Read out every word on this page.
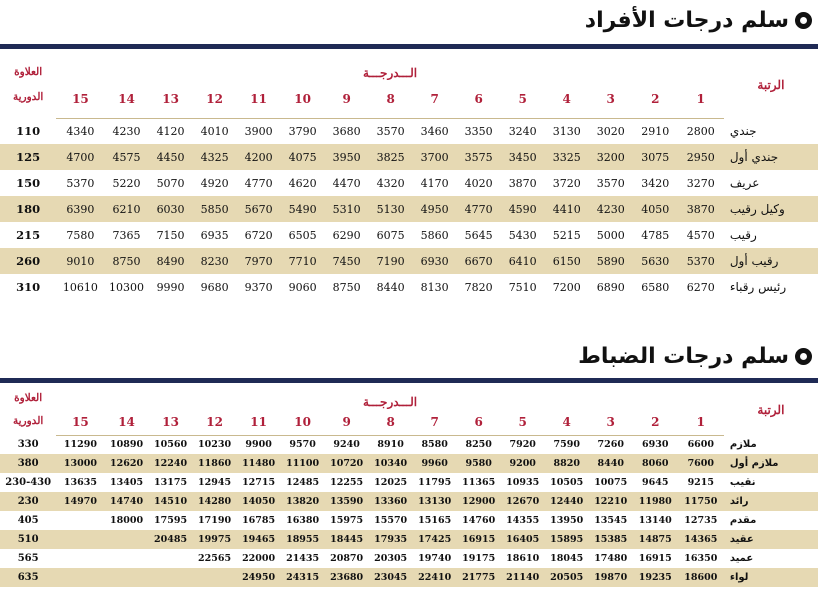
سلم درجات الأفراد
الرتبة	الـــدرجـــة															العلاوة
الدورية

	1	2	3	4	5	6	7	8	9	10	11	12	13	14	15	
جندي	2800	2910	3020	3130	3240	3350	3460	3570	3680	3790	3900	4010	4120	4230	4340	110
جندي أول	2950	3075	3200	3325	3450	3575	3700	3825	3950	4075	4200	4325	4450	4575	4700	125
عريف	3270	3420	3570	3720	3870	4020	4170	4320	4470	4620	4770	4920	5070	5220	5370	150
وكيل رقيب	3870	4050	4230	4410	4590	4770	4950	5130	5310	5490	5670	5850	6030	6210	6390	180
رقيب	4570	4785	5000	5215	5430	5645	5860	6075	6290	6505	6720	6935	7150	7365	7580	215
رقيب أول	5370	5630	5890	6150	6410	6670	6930	7190	7450	7710	7970	8230	8490	8750	9010	260
رئيس رقباء	6270	6580	6890	7200	7510	7820	8130	8440	8750	9060	9370	9680	9990	10300	10610	310
سلم درجات الضباط
الرتبة	الـــدرجـــة															العلاوة
الدورية

	1	2	3	4	5	6	7	8	9	10	11	12	13	14	15	
ملازم	6600	6930	7260	7590	7920	8250	8580	8910	9240	9570	9900	10230	10560	10890	11290	330
ملازم أول	7600	8060	8440	8820	9200	9580	9960	10340	10720	11100	11480	11860	12240	12620	13000	380
نقيب	9215	9645	10075	10505	10935	11365	11795	12025	12255	12485	12715	12945	13175	13405	13635	230-430
رائد	11750	11980	12210	12440	12670	12900	13130	13360	13590	13820	14050	14280	14510	14740	14970	230
مقدم	12735	13140	13545	13950	14355	14760	15165	15570	15975	16380	16785	17190	17595	18000		405
عقيد	14365	14875	15385	15895	16405	16915	17425	17935	18445	18955	19465	19975	20485			510
عميد	16350	16915	17480	18045	18610	19175	19740	20305	20870	21435	22000	22565				565
لواء	18600	19235	19870	20505	21140	21775	22410	23045	23680	24315	24950					635
